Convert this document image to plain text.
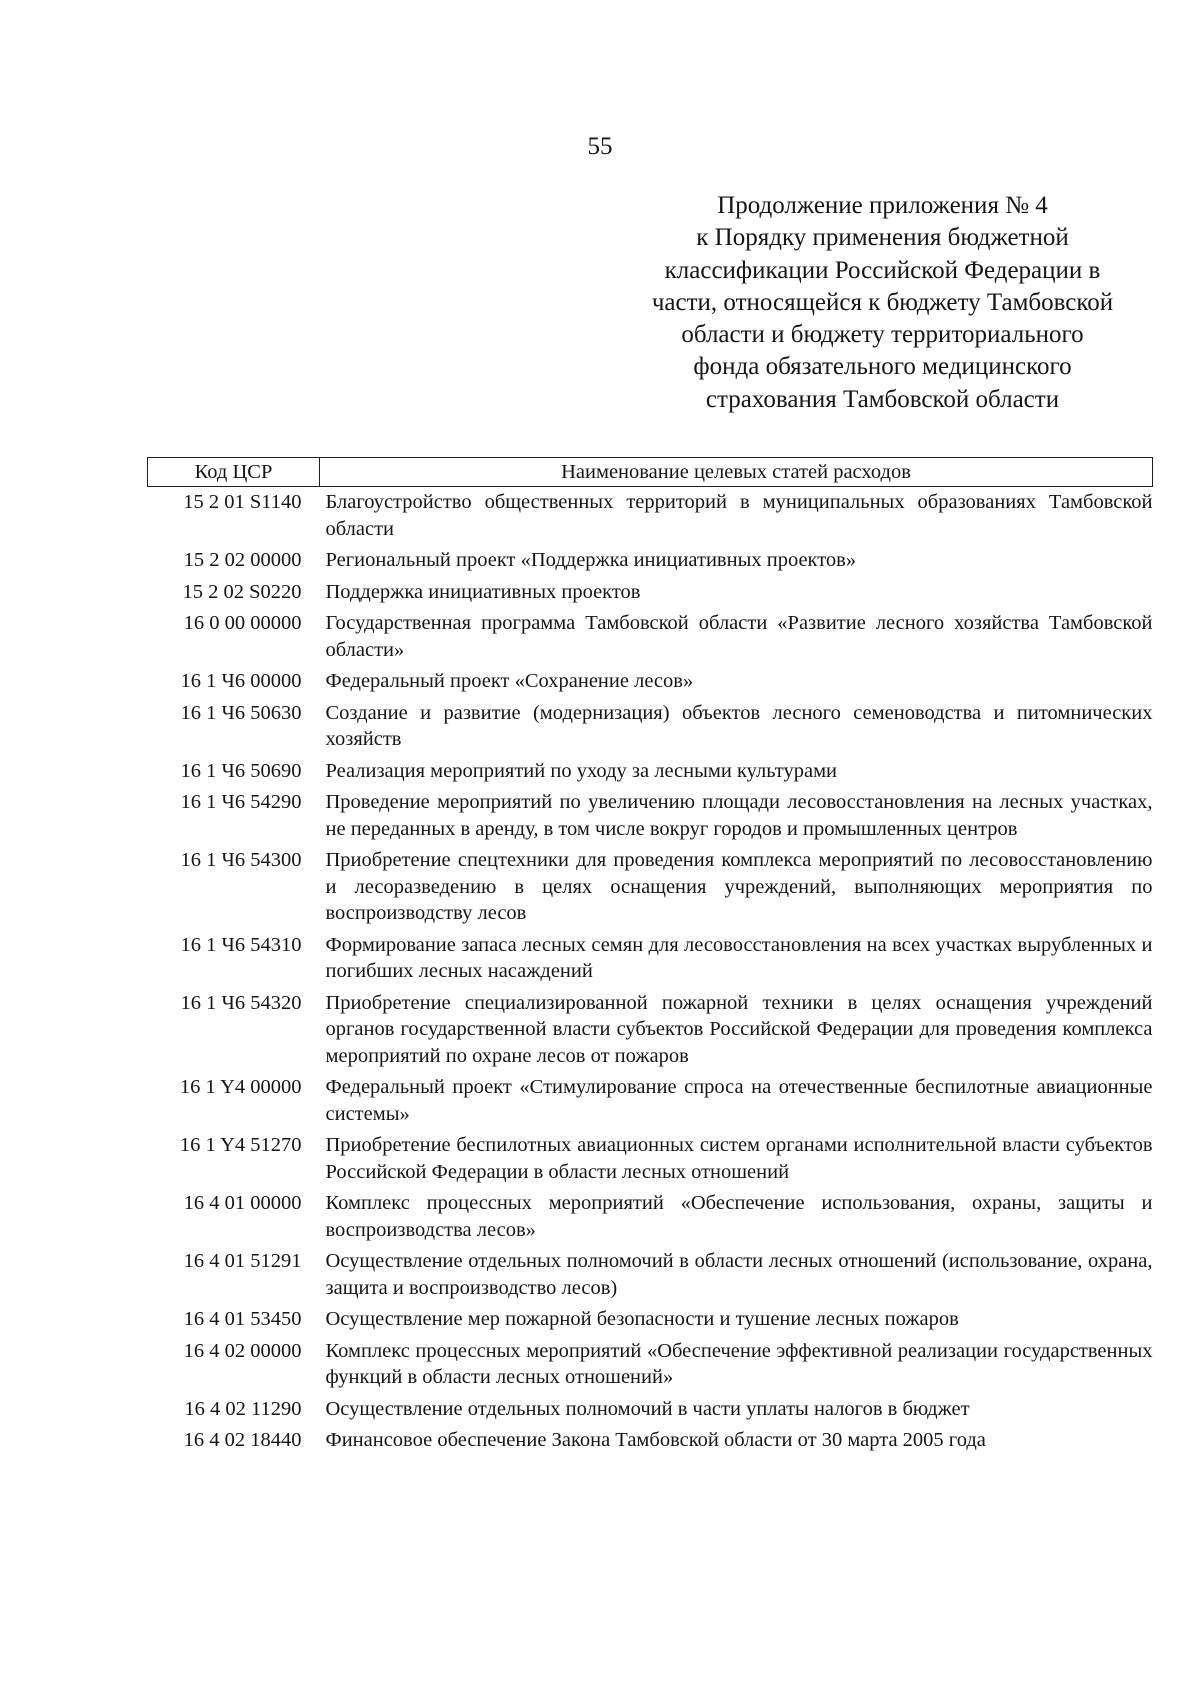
55
Продолжение приложения № 4
к Порядку применения бюджетной
классификации Российской Федерации в
части, относящейся к бюджету Тамбовской
области и бюджету территориального
фонда обязательного медицинского
страхования Тамбовской области
Код ЦСР	Наименование целевых статей расходов
15 2 01 S1140	Благоустройство общественных территорий в муниципальных образованиях Тамбовской области
15 2 02 00000	Региональный проект «Поддержка инициативных проектов»
15 2 02 S0220	Поддержка инициативных проектов
16 0 00 00000	Государственная программа Тамбовской области «Развитие лесного хозяйства Тамбовской области»
16 1 Ч6 00000	Федеральный проект «Сохранение лесов»
16 1 Ч6 50630	Создание и развитие (модернизация) объектов лесного семеноводства и питомнических хозяйств
16 1 Ч6 50690	Реализация мероприятий по уходу за лесными культурами
16 1 Ч6 54290	Проведение мероприятий по увеличению площади лесовосстановления на лесных участках, не переданных в аренду, в том числе вокруг городов и промышленных центров
16 1 Ч6 54300	Приобретение спецтехники для проведения комплекса мероприятий по лесовосстановлению и лесоразведению в целях оснащения учреждений, выполняющих мероприятия по воспроизводству лесов
16 1 Ч6 54310	Формирование запаса лесных семян для лесовосстановления на всех участках вырубленных и погибших лесных насаждений
16 1 Ч6 54320	Приобретение специализированной пожарной техники в целях оснащения учреждений органов государственной власти субъектов Российской Федерации для проведения комплекса мероприятий по охране лесов от пожаров
16 1 Y4 00000	Федеральный проект «Стимулирование спроса на отечественные беспилотные авиационные системы»
16 1 Y4 51270	Приобретение беспилотных авиационных систем органами исполнительной власти субъектов Российской Федерации в области лесных отношений
16 4 01 00000	Комплекс процессных мероприятий «Обеспечение использования, охраны, защиты и воспроизводства лесов»
16 4 01 51291	Осуществление отдельных полномочий в области лесных отношений (использование, охрана, защита и воспроизводство лесов)
16 4 01 53450	Осуществление мер пожарной безопасности и тушение лесных пожаров
16 4 02 00000	Комплекс процессных мероприятий «Обеспечение эффективной реализации государственных функций в области лесных отношений»
16 4 02 11290	Осуществление отдельных полномочий в части уплаты налогов в бюджет
16 4 02 18440	Финансовое обеспечение Закона Тамбовской области от 30 марта 2005 года
